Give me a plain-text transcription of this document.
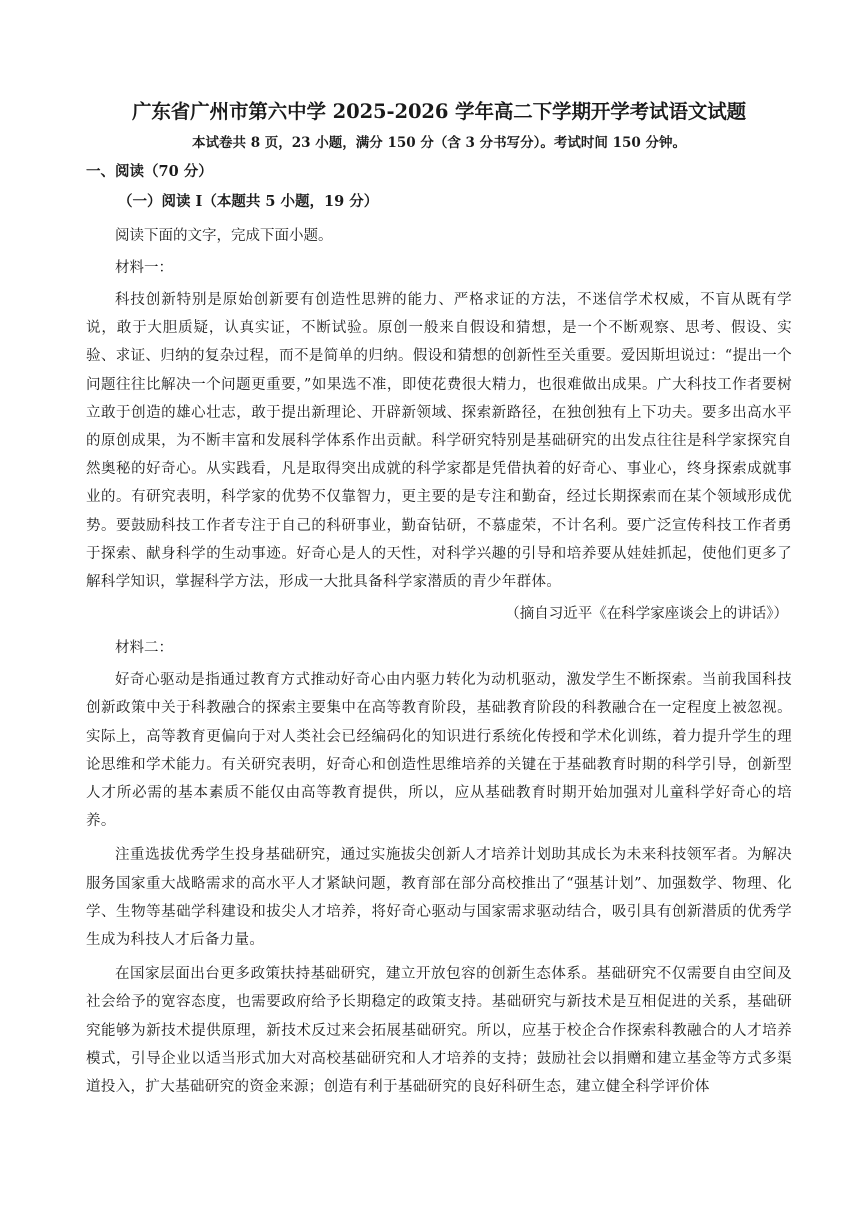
广东省广州市第六中学 2025-2026 学年高二下学期开学考试语文试题
本试卷共 8 页，23 小题，满分 150 分（含 3 分书写分）。考试时间 150 分钟。
一、阅读（70 分）
（一）阅读 I（本题共 5 小题，19 分）
阅读下面的文字，完成下面小题。
材料一：

科技创新特别是原始创新要有创造性思辨的能力、严格求证的方法，不迷信学术权威，不盲从既有学说，敢于大胆质疑，认真实证，不断试验。原创一般来自假设和猜想，是一个不断观察、思考、假设、实验、求证、归纳的复杂过程，而不是简单的归纳。假设和猜想的创新性至关重要。爱因斯坦说过：“提出一个问题往往比解决一个问题更重要，”如果选不准，即使花费很大精力，也很难做出成果。广大科技工作者要树立敢于创造的雄心壮志，敢于提出新理论、开辟新领域、探索新路径，在独创独有上下功夫。要多出高水平的原创成果，为不断丰富和发展科学体系作出贡献。科学研究特别是基础研究的出发点往往是科学家探究自然奥秘的好奇心。从实践看，凡是取得突出成就的科学家都是凭借执着的好奇心、事业心，终身探索成就事业的。有研究表明，科学家的优势不仅靠智力，更主要的是专注和勤奋，经过长期探索而在某个领域形成优势。要鼓励科技工作者专注于自己的科研事业，勤奋钻研，不慕虚荣，不计名利。要广泛宣传科技工作者勇于探索、献身科学的生动事迹。好奇心是人的天性，对科学兴趣的引导和培养要从娃娃抓起，使他们更多了解科学知识，掌握科学方法，形成一大批具备科学家潜质的青少年群体。

（摘自习近平《在科学家座谈会上的讲话》）
材料二：

好奇心驱动是指通过教育方式推动好奇心由内驱力转化为动机驱动，激发学生不断探索。当前我国科技创新政策中关于科教融合的探索主要集中在高等教育阶段，基础教育阶段的科教融合在一定程度上被忽视。实际上，高等教育更偏向于对人类社会已经编码化的知识进行系统化传授和学术化训练，着力提升学生的理论思维和学术能力。有关研究表明，好奇心和创造性思维培养的关键在于基础教育时期的科学引导，创新型人才所必需的基本素质不能仅由高等教育提供，所以，应从基础教育时期开始加强对儿童科学好奇心的培养。

注重选拔优秀学生投身基础研究，通过实施拔尖创新人才培养计划助其成长为未来科技领军者。为解决服务国家重大战略需求的高水平人才紧缺问题，教育部在部分高校推出了“强基计划”、加强数学、物理、化学、生物等基础学科建设和拔尖人才培养，将好奇心驱动与国家需求驱动结合，吸引具有创新潜质的优秀学生成为科技人才后备力量。

在国家层面出台更多政策扶持基础研究，建立开放包容的创新生态体系。基础研究不仅需要自由空间及社会给予的宽容态度，也需要政府给予长期稳定的政策支持。基础研究与新技术是互相促进的关系，基础研究能够为新技术提供原理，新技术反过来会拓展基础研究。所以，应基于校企合作探索科教融合的人才培养模式，引导企业以适当形式加大对高校基础研究和人才培养的支持；鼓励社会以捐赠和建立基金等方式多渠道投入，扩大基础研究的资金来源；创造有利于基础研究的良好科研生态，建立健全科学评价体
